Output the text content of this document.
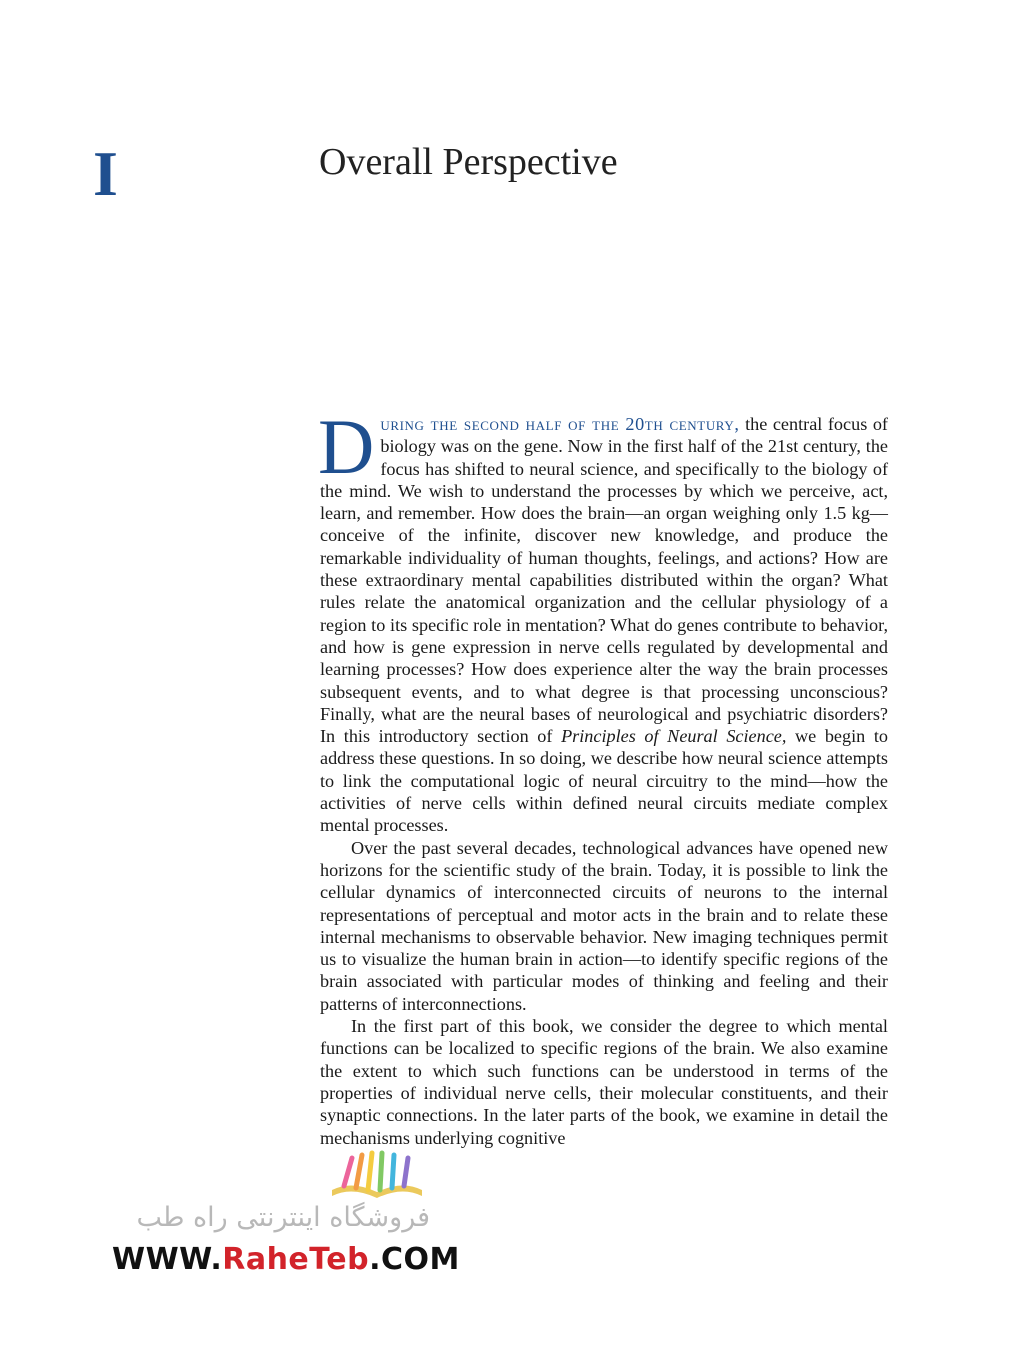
I	Overall Perspective

During the second half of the 20th century, the central focus of biology was on the gene. Now in the first half of the 21st century, the focus has shifted to neural science, and specifically to the biology of the mind. We wish to understand the processes by which we perceive, act, learn, and remember. How does the brain—an organ weighing only 1.5 kg—conceive of the infinite, discover new knowledge, and produce the remarkable individuality of human thoughts, feelings, and actions? How are these extraordinary mental capabilities distributed within the organ? What rules relate the anatomical organization and the cellular physiology of a region to its specific role in mentation? What do genes contribute to behavior, and how is gene expression in nerve cells regulated by developmental and learning processes? How does experience alter the way the brain processes subsequent events, and to what degree is that processing unconscious? Finally, what are the neural bases of neurological and psychiatric disorders? In this introductory section of Principles of Neural Science, we begin to address these questions. In so doing, we describe how neural science attempts to link the computational logic of neural circuitry to the mind—how the activities of nerve cells within defined neural circuits mediate complex mental processes.

Over the past several decades, technological advances have opened new horizons for the scientific study of the brain. Today, it is possible to link the cellular dynamics of interconnected circuits of neurons to the internal representations of perceptual and motor acts in the brain and to relate these internal mechanisms to observable behavior. New imaging techniques permit us to visualize the human brain in action—to identify specific regions of the brain associated with particular modes of thinking and feeling and their patterns of interconnections.

In the first part of this book, we consider the degree to which mental functions can be localized to specific regions of the brain. We also examine the extent to which such functions can be understood in terms of the properties of individual nerve cells, their molecular constituents, and their synaptic connections. In the later parts of the book, we examine in detail the mechanisms underlying cognitive

فروشگاه اینترنتی راه طب
WWW.RaheTeb.COM
